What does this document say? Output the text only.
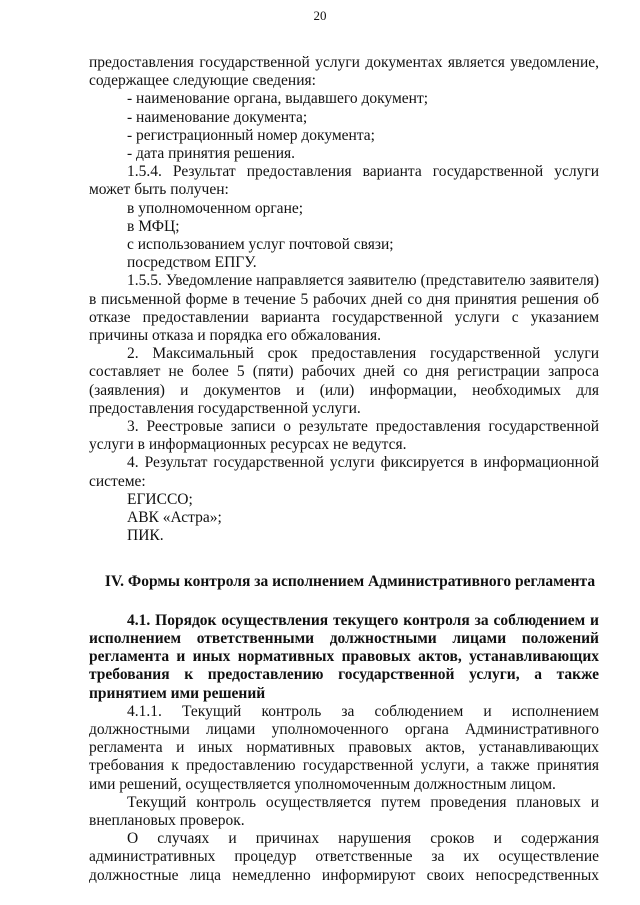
20

предоставления государственной услуги документах является уведомление, содержащее следующие сведения:

- наименование органа, выдавшего документ;

- наименование документа;

- регистрационный номер документа;

- дата принятия решения.

1.5.4. Результат предоставления варианта государственной услуги может быть получен:

в уполномоченном органе;

в МФЦ;

с использованием услуг почтовой связи;

посредством ЕПГУ.

1.5.5. Уведомление направляется заявителю (представителю заявителя) в письменной форме в течение 5 рабочих дней со дня принятия решения об отказе предоставлении варианта государственной услуги с указанием причины отказа и порядка его обжалования.

2. Максимальный срок предоставления государственной услуги составляет не более 5 (пяти) рабочих дней со дня регистрации запроса (заявления) и документов и (или) информации, необходимых для предоставления государственной услуги.

3. Реестровые записи о результате предоставления государственной услуги в информационных ресурсах не ведутся.

4. Результат государственной услуги фиксируется в информационной системе:

ЕГИССО;

АВК «Астра»;

ПИК.

IV. Формы контроля за исполнением Административного регламента

4.1. Порядок осуществления текущего контроля за соблюдением и исполнением ответственными должностными лицами положений регламента и иных нормативных правовых актов, устанавливающих требования к предоставлению государственной услуги, а также принятием ими решений

4.1.1. Текущий контроль за соблюдением и исполнением должностными лицами уполномоченного органа Административного регламента и иных нормативных правовых актов, устанавливающих требования к предоставлению государственной услуги, а также принятия ими решений, осуществляется уполномоченным должностным лицом.

Текущий контроль осуществляется путем проведения плановых и внеплановых проверок.

О случаях и причинах нарушения сроков и содержания административных процедур ответственные за их осуществление должностные лица немедленно информируют своих непосредственных
